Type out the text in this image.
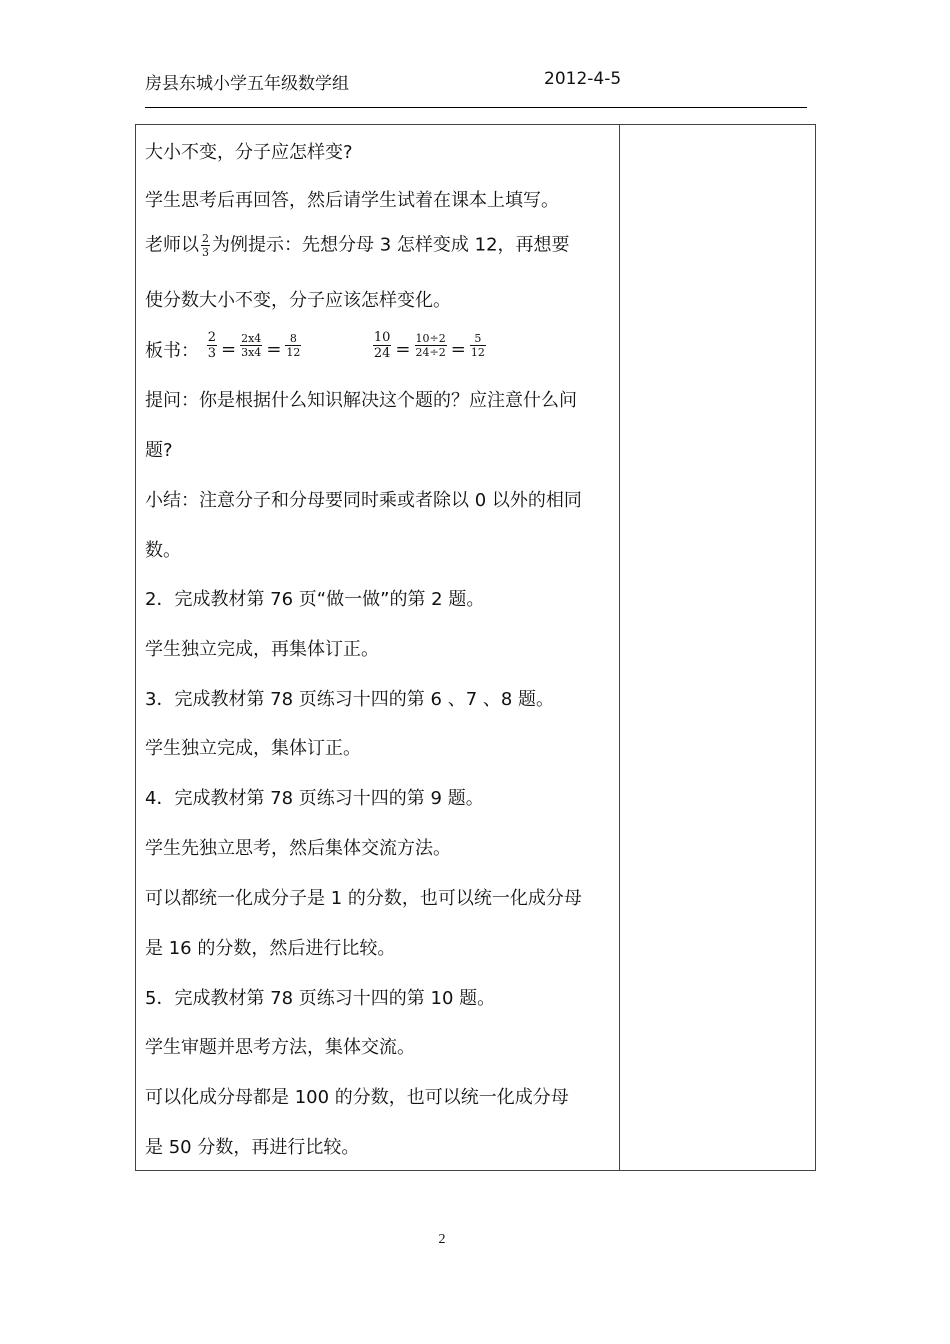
房县东城小学五年级数学组	2012-4-5
大小不变，分子应怎样变?
学生思考后再回答，然后请学生试着在课本上填写。
老师以 $\frac{2}{3}$ 为例提示：先想分母 3 怎样变成 12，再想要
使分数大小不变，分子应该怎样变化。
板书： $\frac{2}{3} = \frac{2x4}{3x4} = \frac{8}{12}$
	$\frac{10}{24} = \frac{10\div 2}{24\div 2} = \frac{5}{12}$
提问：你是根据什么知识解决这个题的？应注意什么问
题?
小结：注意分子和分母要同时乘或者除以 0 以外的相同
数。
2．完成教材第 76 页“做一做”的第 2 题。
学生独立完成，再集体订正。
3．完成教材第 78 页练习十四的第 6 、7 、8 题。
学生独立完成，集体订正。
4．完成教材第 78 页练习十四的第 9 题。
学生先独立思考，然后集体交流方法。
可以都统一化成分子是 1 的分数，也可以统一化成分母
是 16 的分数，然后进行比较。
5．完成教材第 78 页练习十四的第 10 题。
学生审题并思考方法，集体交流。
可以化成分母都是 100 的分数，也可以统一化成分母
是 50 分数，再进行比较。
2
